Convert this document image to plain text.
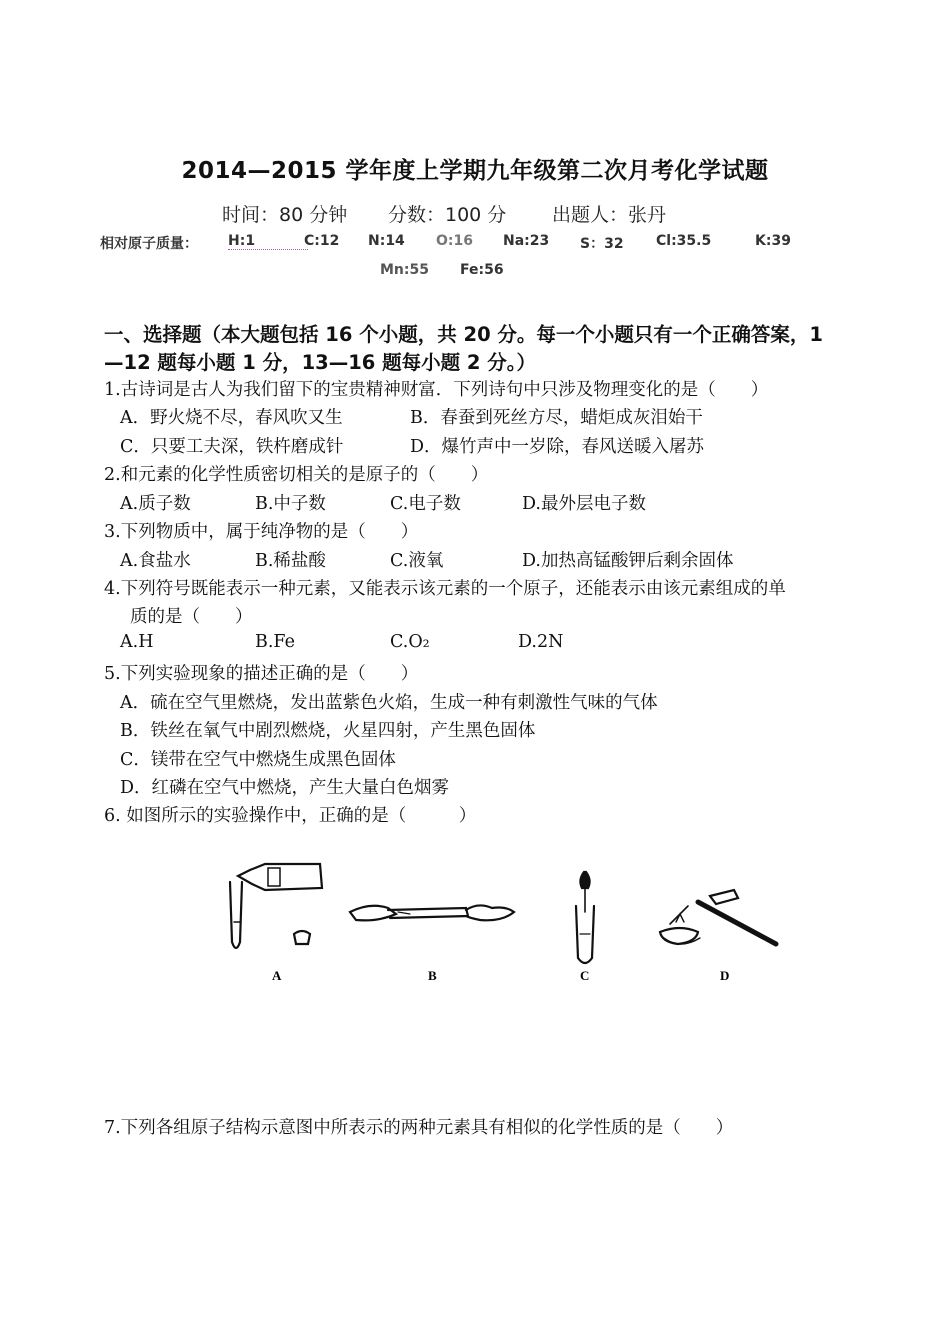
2014—2015 学年度上学期九年级第二次月考化学试题
时间：80 分钟 分数：100 分 出题人：张丹
相对原子质量： H:1	C:12 N:14 O:16 Na:23 S：32 Cl:35.5	K:39
Mn:55 Fe:56
一、选择题（本大题包括 16 个小题，共 20 分。每一个小题只有一个正确答案，1
—12 题每小题 1 分，13—16 题每小题 2 分。）
1.古诗词是古人为我们留下的宝贵精神财富．下列诗句中只涉及物理变化的是（　　）
A．野火烧不尽，春风吹又生	B．春蚕到死丝方尽，蜡炬成灰泪始干
C．只要工夫深，铁杵磨成针	D．爆竹声中一岁除，春风送暖入屠苏
2.和元素的化学性质密切相关的是原子的（　　）
A.质子数	B.中子数	C.电子数	D.最外层电子数
3.下列物质中，属于纯净物的是（　　）
A.食盐水	B.稀盐酸	C.液氧	D.加热高锰酸钾后剩余固体
4.下列符号既能表示一种元素，又能表示该元素的一个原子，还能表示由该元素组成的单
质的是（　　）
A.H	B.Fe	C.O₂	D.2N
5.下列实验现象的描述正确的是（　　）
A．硫在空气里燃烧，发出蓝紫色火焰，生成一种有刺激性气味的气体
B．铁丝在氧气中剧烈燃烧，火星四射，产生黑色固体
C．镁带在空气中燃烧生成黑色固体
D．红磷在空气中燃烧，产生大量白色烟雾
6. 如图所示的实验操作中，正确的是（　　　）
A	B	C	D
7.下列各组原子结构示意图中所表示的两种元素具有相似的化学性质的是（　　）
